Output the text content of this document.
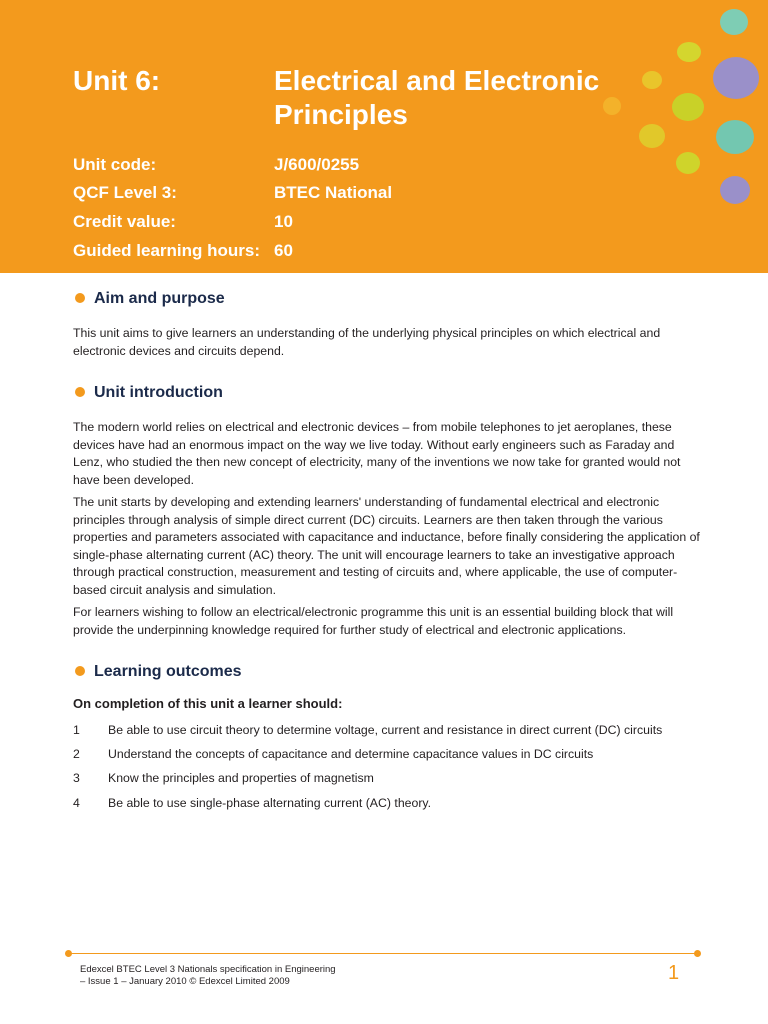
Unit 6:	Electrical and Electronic Principles
Unit code:	J/600/0255
QCF Level 3:	BTEC National
Credit value:	10
Guided learning hours: 60
Aim and purpose
This unit aims to give learners an understanding of the underlying physical principles on which electrical and electronic devices and circuits depend.
Unit introduction
The modern world relies on electrical and electronic devices – from mobile telephones to jet aeroplanes, these devices have had an enormous impact on the way we live today. Without early engineers such as Faraday and Lenz, who studied the then new concept of electricity, many of the inventions we now take for granted would not have been developed.
The unit starts by developing and extending learners' understanding of fundamental electrical and electronic principles through analysis of simple direct current (DC) circuits. Learners are then taken through the various properties and parameters associated with capacitance and inductance, before finally considering the application of single-phase alternating current (AC) theory. The unit will encourage learners to take an investigative approach through practical construction, measurement and testing of circuits and, where applicable, the use of computer-based circuit analysis and simulation.
For learners wishing to follow an electrical/electronic programme this unit is an essential building block that will provide the underpinning knowledge required for further study of electrical and electronic applications.
Learning outcomes
On completion of this unit a learner should:
1 Be able to use circuit theory to determine voltage, current and resistance in direct current (DC) circuits
2 Understand the concepts of capacitance and determine capacitance values in DC circuits
3 Know the principles and properties of magnetism
4 Be able to use single-phase alternating current (AC) theory.
Edexcel BTEC Level 3 Nationals specification in Engineering
– Issue 1 – January 2010 © Edexcel Limited 2009	1
